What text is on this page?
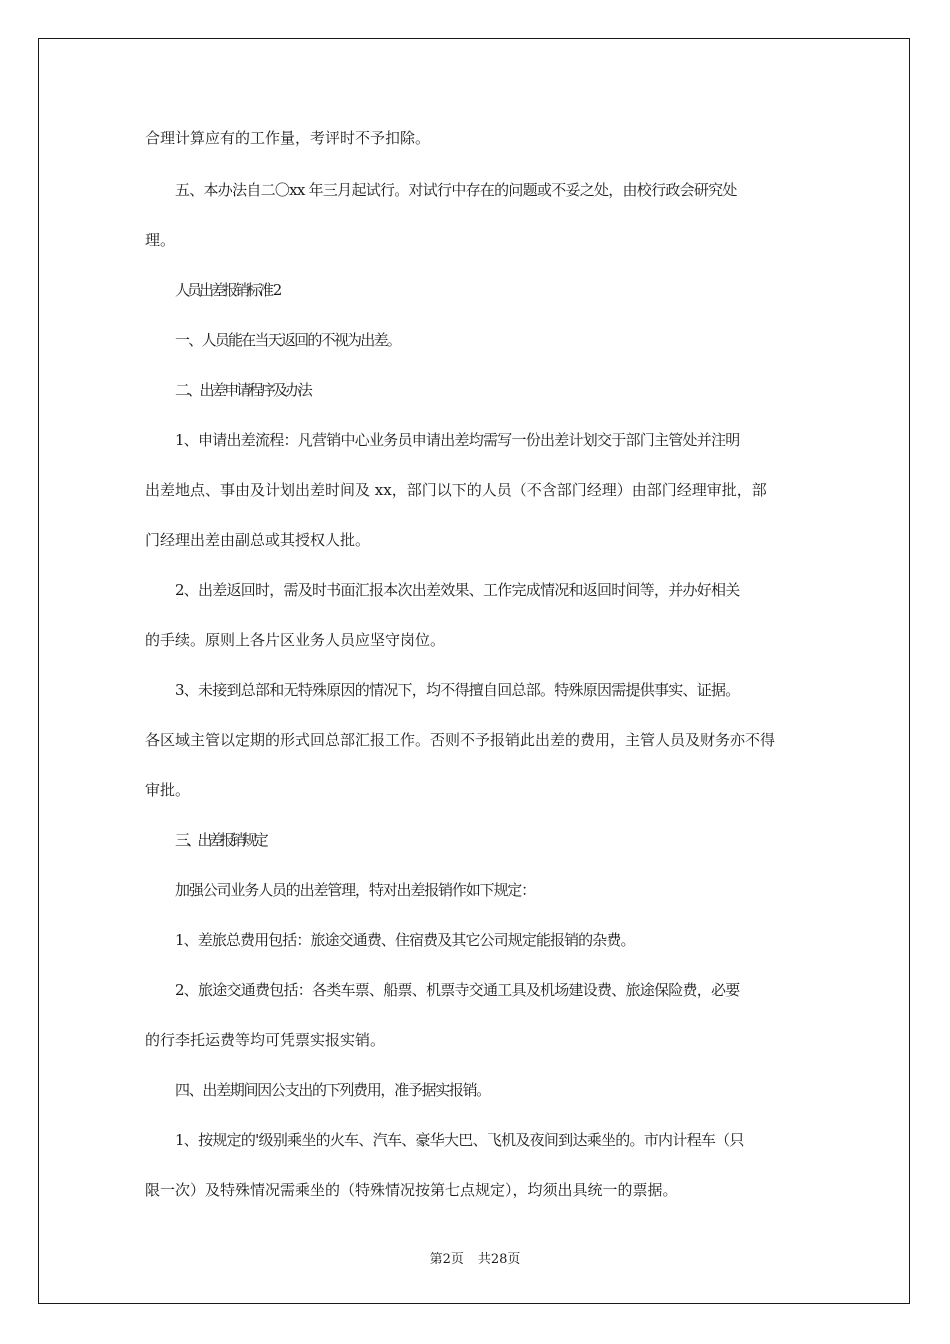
合理计算应有的工作量，考评时不予扣除。

五、本办法自二〇xx 年三月起试行。对试行中存在的问题或不妥之处，由校行政会研究处

理。

人员出差报销标准 2

一、人员能在当天返回的不视为出差。

二、出差申请程序及办法

1、申请出差流程：凡营销中心业务员申请出差均需写一份出差计划交于部门主管处并注明

出差地点、事由及计划出差时间及 xx，部门以下的人员（不含部门经理）由部门经理审批，部

门经理出差由副总或其授权人批。

2、出差返回时，需及时书面汇报本次出差效果、工作完成情况和返回时间等，并办好相关

的手续。原则上各片区业务人员应坚守岗位。

3、未接到总部和无特殊原因的情况下，均不得擅自回总部。特殊原因需提供事实、证据。

各区域主管以定期的形式回总部汇报工作。否则不予报销此出差的费用，主管人员及财务亦不得

审批。

三、出差报销规定

加强公司业务人员的出差管理，特对出差报销作如下规定：

1、差旅总费用包括：旅途交通费、住宿费及其它公司规定能报销的杂费。

2、旅途交通费包括：各类车票、船票、机票寺交通工具及机场建设费、旅途保险费，必要

的行李托运费等均可凭票实报实销。

四、出差期间因公支出的下列费用，准予据实报销。

1、按规定的'级别乘坐的火车、汽车、豪华大巴、飞机及夜间到达乘坐的。市内计程车（只

限一次）及特殊情况需乘坐的（特殊情况按第七点规定），均须出具统一的票据。

第2页 共28页
